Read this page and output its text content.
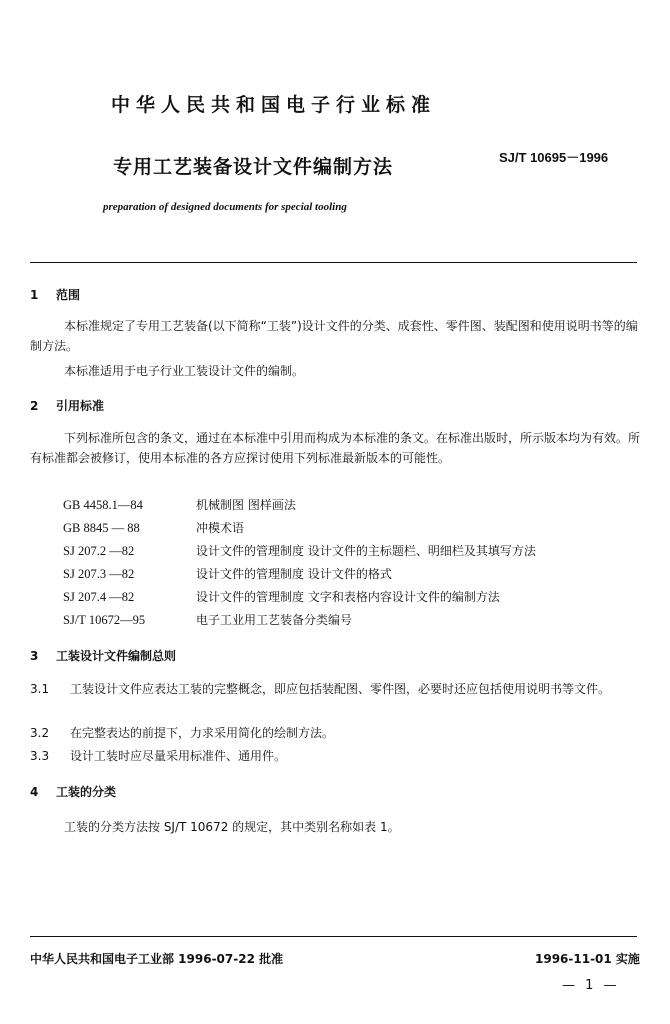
中华人民共和国电子行业标准
专用工艺装备设计文件编制方法	SJ/T 10695－1996
preparation of designed documents for special tooling
1 范围
本标准规定了专用工艺装备(以下简称“工装”)设计文件的分类、成套性、零件图、装配图和使用说明书等的编制方法。
本标准适用于电子行业工装设计文件的编制。
2 引用标准
下列标准所包含的条文，通过在本标准中引用而构成为本标准的条文。在标准出版时，所示版本均为有效。所有标准都会被修订，使用本标准的各方应探讨使用下列标准最新版本的可能性。
GB 4458.1—84	机械制图 图样画法
GB 8845 — 88	冲模术语
SJ 207.2 —82	设计文件的管理制度 设计文件的主标题栏、明细栏及其填写方法
SJ 207.3 —82	设计文件的管理制度 设计文件的格式
SJ 207.4 —82	设计文件的管理制度 文字和表格内容设计文件的编制方法
SJ/T 10672—95	电子工业用工艺装备分类编号
3 工装设计文件编制总则
3.1 工装设计文件应表达工装的完整概念，即应包括装配图、零件图，必要时还应包括使用说明书等文件。
3.2 在完整表达的前提下，力求采用简化的绘制方法。
3.3 设计工装时应尽量采用标准件、通用件。
4 工装的分类
工装的分类方法按 SJ/T 10672 的规定，其中类别名称如表 1。
中华人民共和国电子工业部 1996-07-22 批准	1996-11-01 实施
— 1 —
